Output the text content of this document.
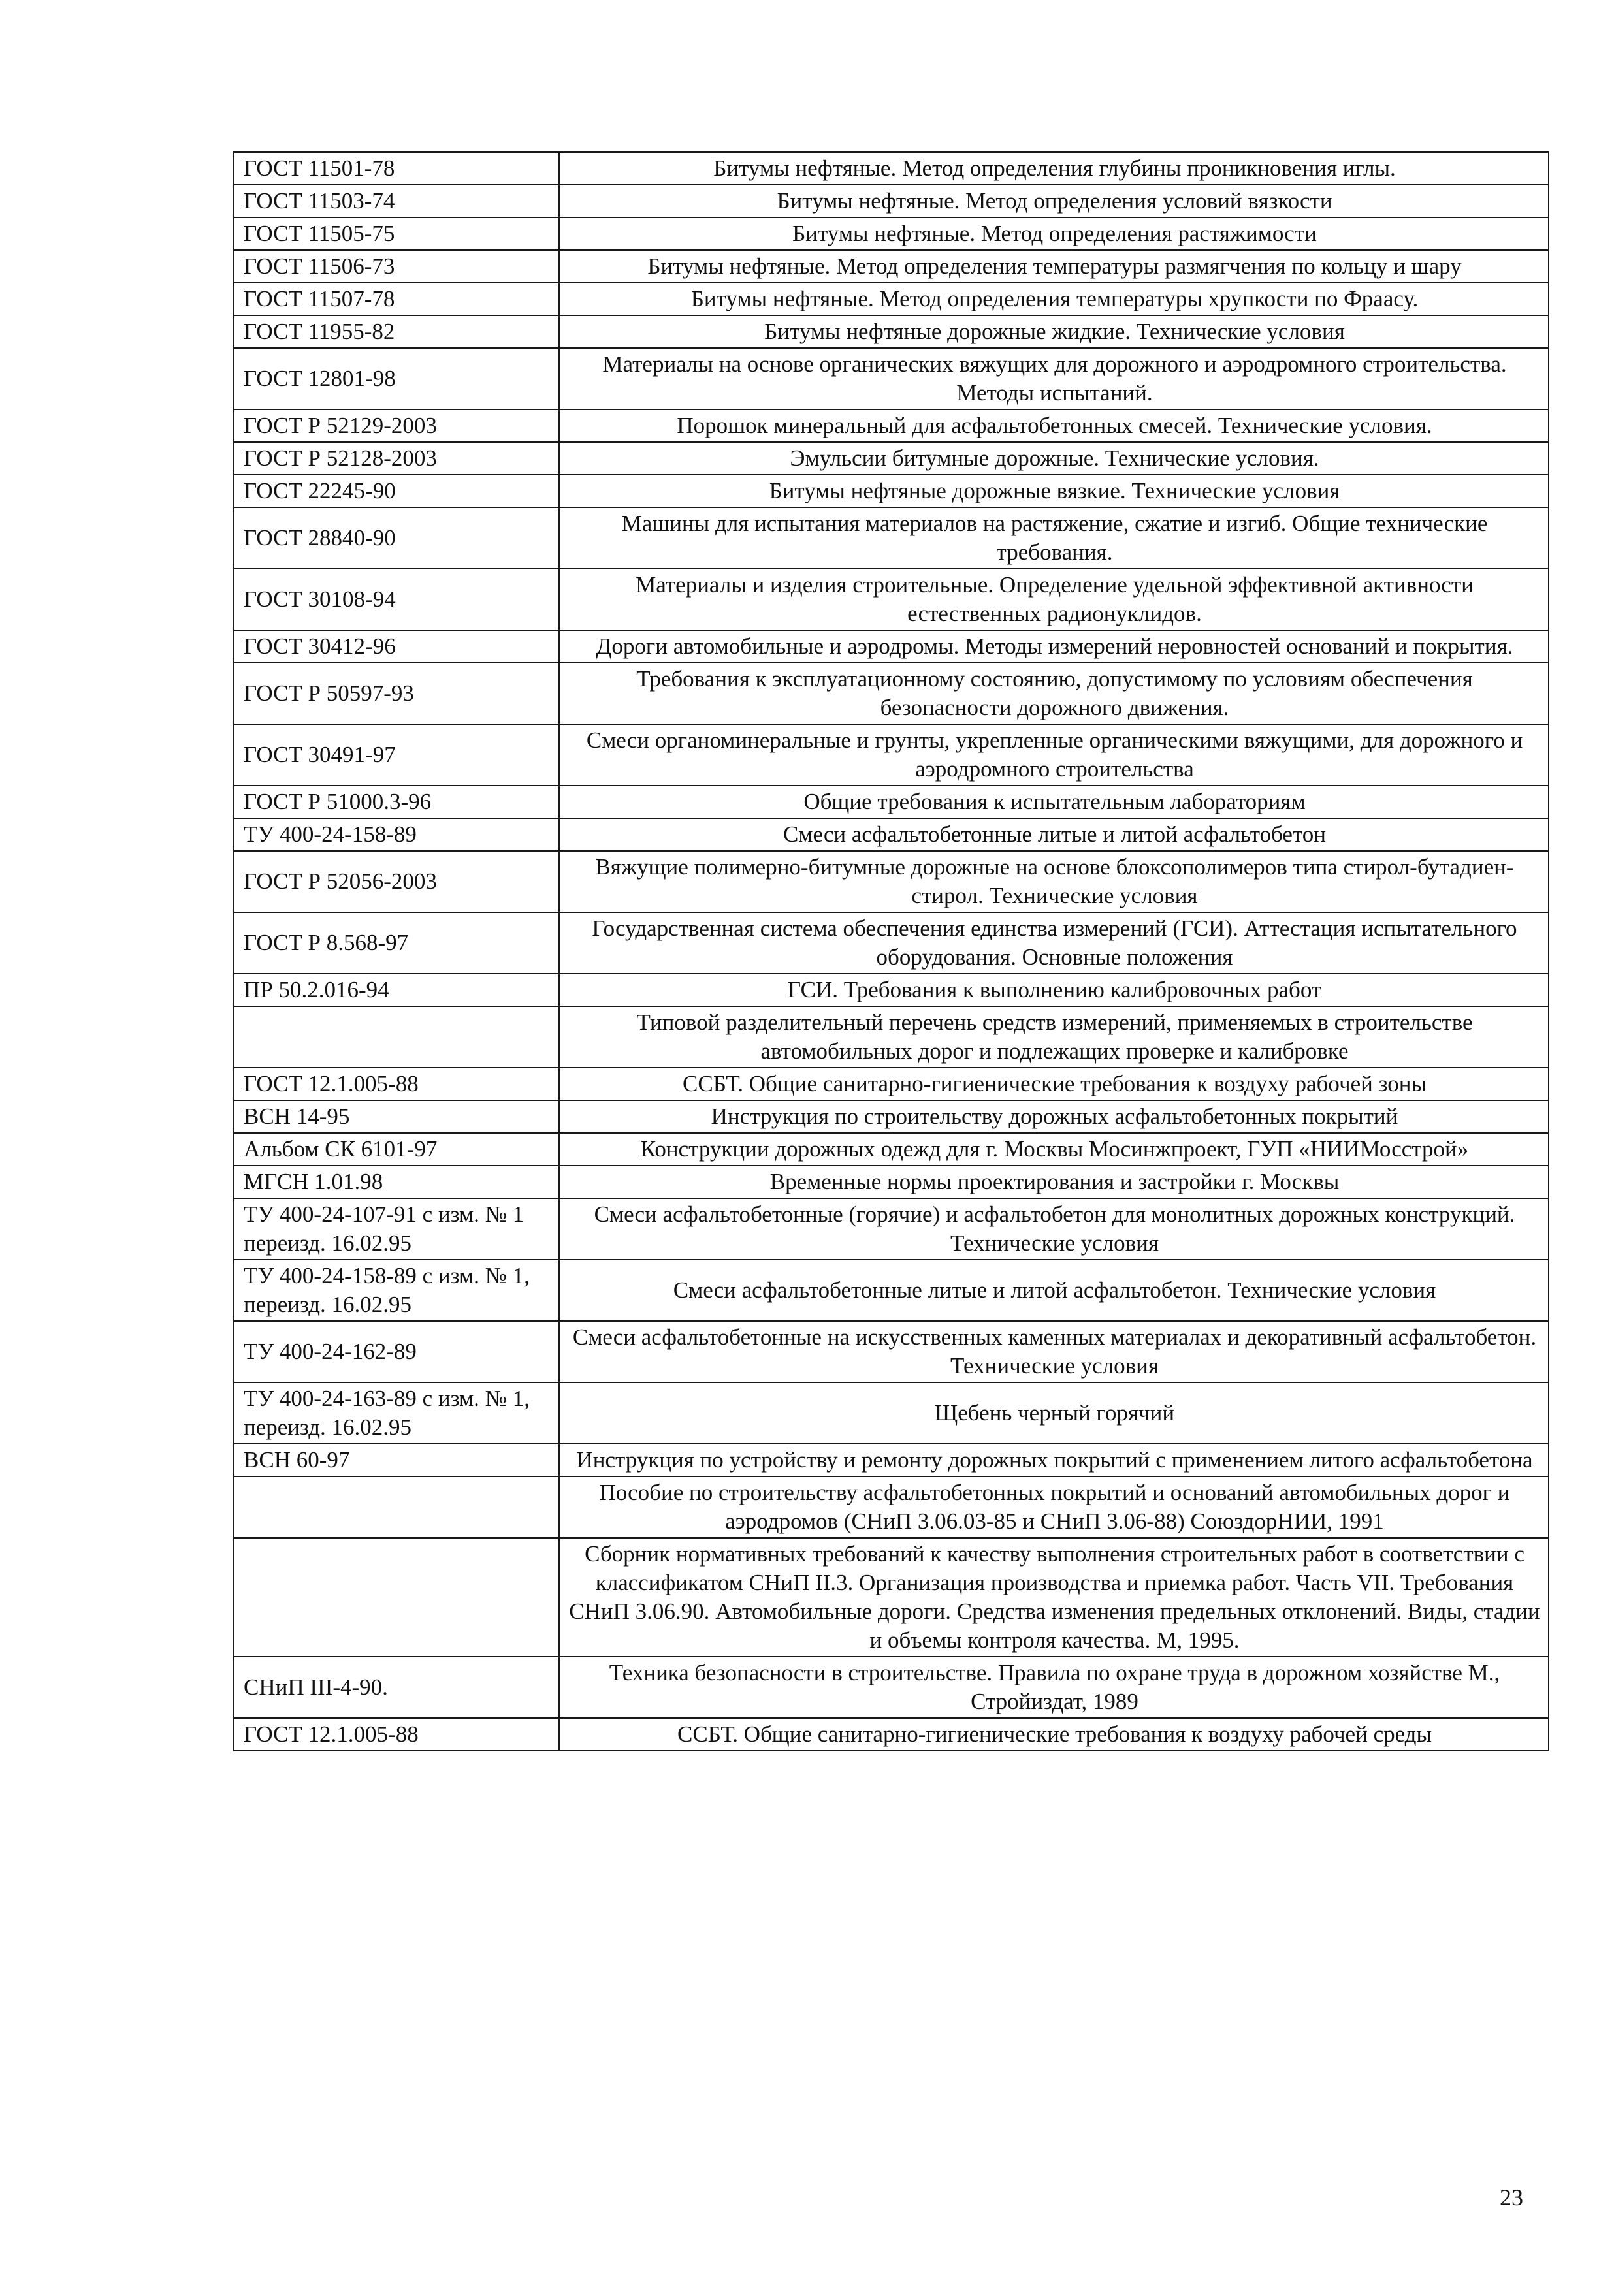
ГОСТ 11501-78	Битумы нефтяные. Метод определения глубины проникновения иглы.
ГОСТ 11503-74	Битумы нефтяные. Метод определения условий вязкости
ГОСТ 11505-75	Битумы нефтяные. Метод определения растяжимости
ГОСТ 11506-73	Битумы нефтяные. Метод определения температуры размягчения по кольцу и шару
ГОСТ 11507-78	Битумы нефтяные. Метод определения температуры хрупкости по Фраасу.
ГОСТ 11955-82	Битумы нефтяные дорожные жидкие. Технические условия
ГОСТ 12801-98	Материалы на основе органических вяжущих для дорожного и аэродромного строительства. Методы испытаний.
ГОСТ Р 52129-2003	Порошок минеральный для асфальтобетонных смесей. Технические условия.
ГОСТ Р 52128-2003	Эмульсии битумные дорожные. Технические условия.
ГОСТ 22245-90	Битумы нефтяные дорожные вязкие. Технические условия
ГОСТ 28840-90	Машины для испытания материалов на растяжение, сжатие и изгиб. Общие технические требования.
ГОСТ 30108-94	Материалы и изделия строительные. Определение удельной эффективной активности естественных радионуклидов.
ГОСТ 30412-96	Дороги автомобильные и аэродромы. Методы измерений неровностей оснований и покрытия.
ГОСТ Р 50597-93	Требования к эксплуатационному состоянию, допустимому по условиям обеспечения безопасности дорожного движения.
ГОСТ 30491-97	Смеси органоминеральные и грунты, укрепленные органическими вяжущими, для дорожного и аэродромного строительства
ГОСТ Р 51000.3-96	Общие требования к испытательным лабораториям
ТУ 400-24-158-89	Смеси асфальтобетонные литые и литой асфальтобетон
ГОСТ Р 52056-2003	Вяжущие полимерно-битумные дорожные на основе блоксополимеров типа стирол-бутадиен-стирол. Технические условия
ГОСТ Р 8.568-97	Государственная система обеспечения единства измерений (ГСИ). Аттестация испытательного оборудования. Основные положения
ПР 50.2.016-94	ГСИ. Требования к выполнению калибровочных работ
	Типовой разделительный перечень средств измерений, применяемых в строительстве автомобильных дорог и подлежащих проверке и калибровке
ГОСТ 12.1.005-88	ССБТ. Общие санитарно-гигиенические требования к воздуху рабочей зоны
ВСН 14-95	Инструкция по строительству дорожных асфальтобетонных покрытий
Альбом СК 6101-97	Конструкции дорожных одежд для г. Москвы Мосинжпроект, ГУП «НИИМосстрой»
МГСН 1.01.98	Временные нормы проектирования и застройки г. Москвы
ТУ 400-24-107-91 с изм. № 1 переизд. 16.02.95	Смеси асфальтобетонные (горячие) и асфальтобетон для монолитных дорожных конструкций. Технические условия
ТУ 400-24-158-89 с изм. № 1, переизд. 16.02.95	Смеси асфальтобетонные литые и литой асфальтобетон. Технические условия
ТУ 400-24-162-89	Смеси асфальтобетонные на искусственных каменных материалах и декоративный асфальтобетон. Технические условия
ТУ 400-24-163-89 с изм. № 1, переизд. 16.02.95	Щебень черный горячий
ВСН 60-97	Инструкция по устройству и ремонту дорожных покрытий с применением литого асфальтобетона
	Пособие по строительству асфальтобетонных покрытий и оснований автомобильных дорог и аэродромов (СНиП 3.06.03-85 и СНиП 3.06-88) СоюздорНИИ, 1991
	Сборник нормативных требований к качеству выполнения строительных работ в соответствии с классификатом СНиП II.3. Организация производства и приемка работ. Часть VII. Требования СНиП 3.06.90. Автомобильные дороги. Средства изменения предельных отклонений. Виды, стадии и объемы контроля качества. М, 1995.
СНиП III-4-90.	Техника безопасности в строительстве. Правила по охране труда в дорожном хозяйстве М., Стройиздат, 1989
ГОСТ 12.1.005-88	ССБТ. Общие санитарно-гигиенические требования к воздуху рабочей среды
23
